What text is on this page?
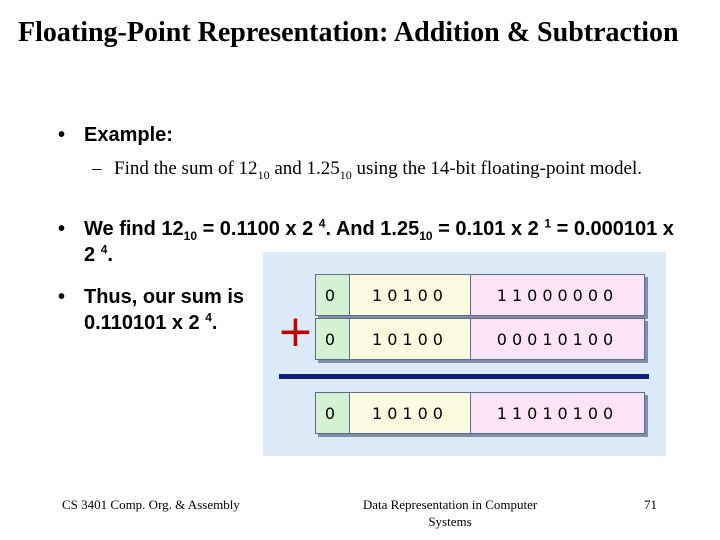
Floating-Point Representation: Addition & Subtraction
• Example:
– Find the sum of $12_{10}$ and $1.25_{10}$ using the 14-bit floating-point model.
• We find $12_{10} = 0.1100$ x 2 $^4$. And $1.25_{10} = 0.101$ x 2 $^1$ = 0.000101 x 2 $^4$.
• Thus, our sum is 0.110101 x 2 $^4$.
0	10100	11000000
0	10100	00010100
+
0	10100	11010100
CS 3401 Comp. Org. & Assembly	Data Representation in Computer Systems
71
